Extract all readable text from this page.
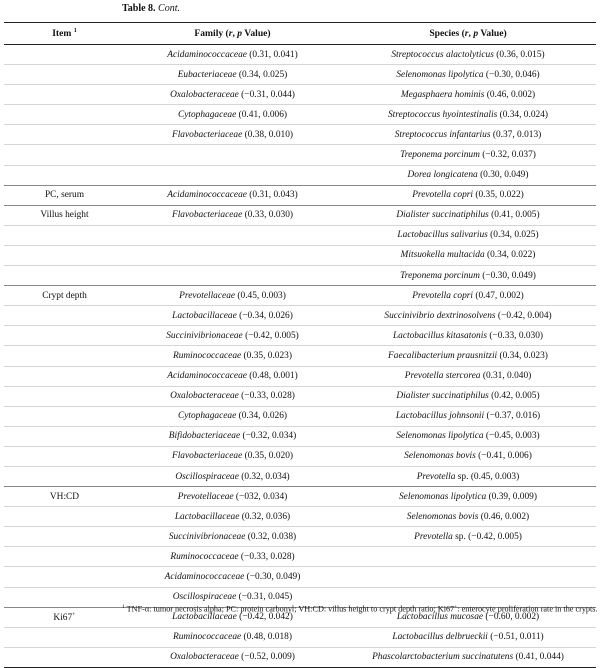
Table 8. Cont.
Item $^1$	Family (r, p Value)	Species (r, p Value)
	Acidaminococcaceae (0.31, 0.041)	Streptococcus alactolyticus (0.36, 0.015)
	Eubacteriaceae (0.34, 0.025)	Selenomonas lipolytica (−0.30, 0.046)
	Oxalobacteraceae (−0.31, 0.044)	Megasphaera hominis (0.46, 0.002)
	Cytophagaceae (0.41, 0.006)	Streptococcus hyointestinalis (0.34, 0.024)
	Flavobacteriaceae (0.38, 0.010)	Streptococcus infantarius (0.37, 0.013)
		Treponema porcinum (−0.32, 0.037)
		Dorea longicatena (0.30, 0.049)
PC, serum	Acidaminococcaceae (0.31, 0.043)	Prevotella copri (0.35, 0.022)
Villus height	Flavobacteriaceae (0.33, 0.030)	Dialister succinatiphilus (0.41, 0.005)
		Lactobacillus salivarius (0.34, 0.025)
		Mitsuokella multacida (0.34, 0.022)
		Treponema porcinum (−0.30, 0.049)
Crypt depth	Prevotellaceae (0.45, 0.003)	Prevotella copri (0.47, 0.002)
	Lactobacillaceae (−0.34, 0.026)	Succinivibrio dextrinosolvens (−0.42, 0.004)
	Succinivibrionaceae (−0.42, 0.005)	Lactobacillus kitasatonis (−0.33, 0.030)
	Ruminococcaceae (0.35, 0.023)	Faecalibacterium prausnitzii (0.34, 0.023)
	Acidaminococcaceae (0.48, 0.001)	Prevotella stercorea (0.31, 0.040)
	Oxalobacteraceae (−0.33, 0.028)	Dialister succinatiphilus (0.42, 0.005)
	Cytophagaceae (0.34, 0.026)	Lactobacillus johnsonii (−0.37, 0.016)
	Bifidobacteriaceae (−0.32, 0.034)	Selenomonas lipolytica (−0.45, 0.003)
	Flavobacteriaceae (0.35, 0.020)	Selenomonas bovis (−0.41, 0.006)
	Oscillospiraceae (0.32, 0.034)	Prevotella sp. (0.45, 0.003)
VH:CD	Prevotellaceae (−032, 0.034)	Selenomonas lipolytica (0.39, 0.009)
	Lactobacillaceae (0.32, 0.036)	Selenomonas bovis (0.46, 0.002)
	Succinivibrionaceae (0.32, 0.038)	Prevotella sp. (−0.42, 0.005)
	Ruminococcaceae (−0.33, 0.028)	
	Acidaminococcaceae (−0.30, 0.049)	
	Oscillospiraceae (−0.31, 0.045)	
Ki67+	Lactobacillaceae (−0.42, 0.042)	Lactobacillus mucosae (−0.60, 0.002)
	Ruminococcaceae (0.48, 0.018)	Lactobacillus delbrueckii (−0.51, 0.011)
	Oxalobacteraceae (−0.52, 0.009)	Phascolarctobacterium succinatutens (0.41, 0.044)
$^1$ TNF-α: tumor necrosis alpha; PC: protein carbonyl; VH:CD: villus height to crypt depth ratio; Ki67+: enterocyte proliferation rate in the crypts.
